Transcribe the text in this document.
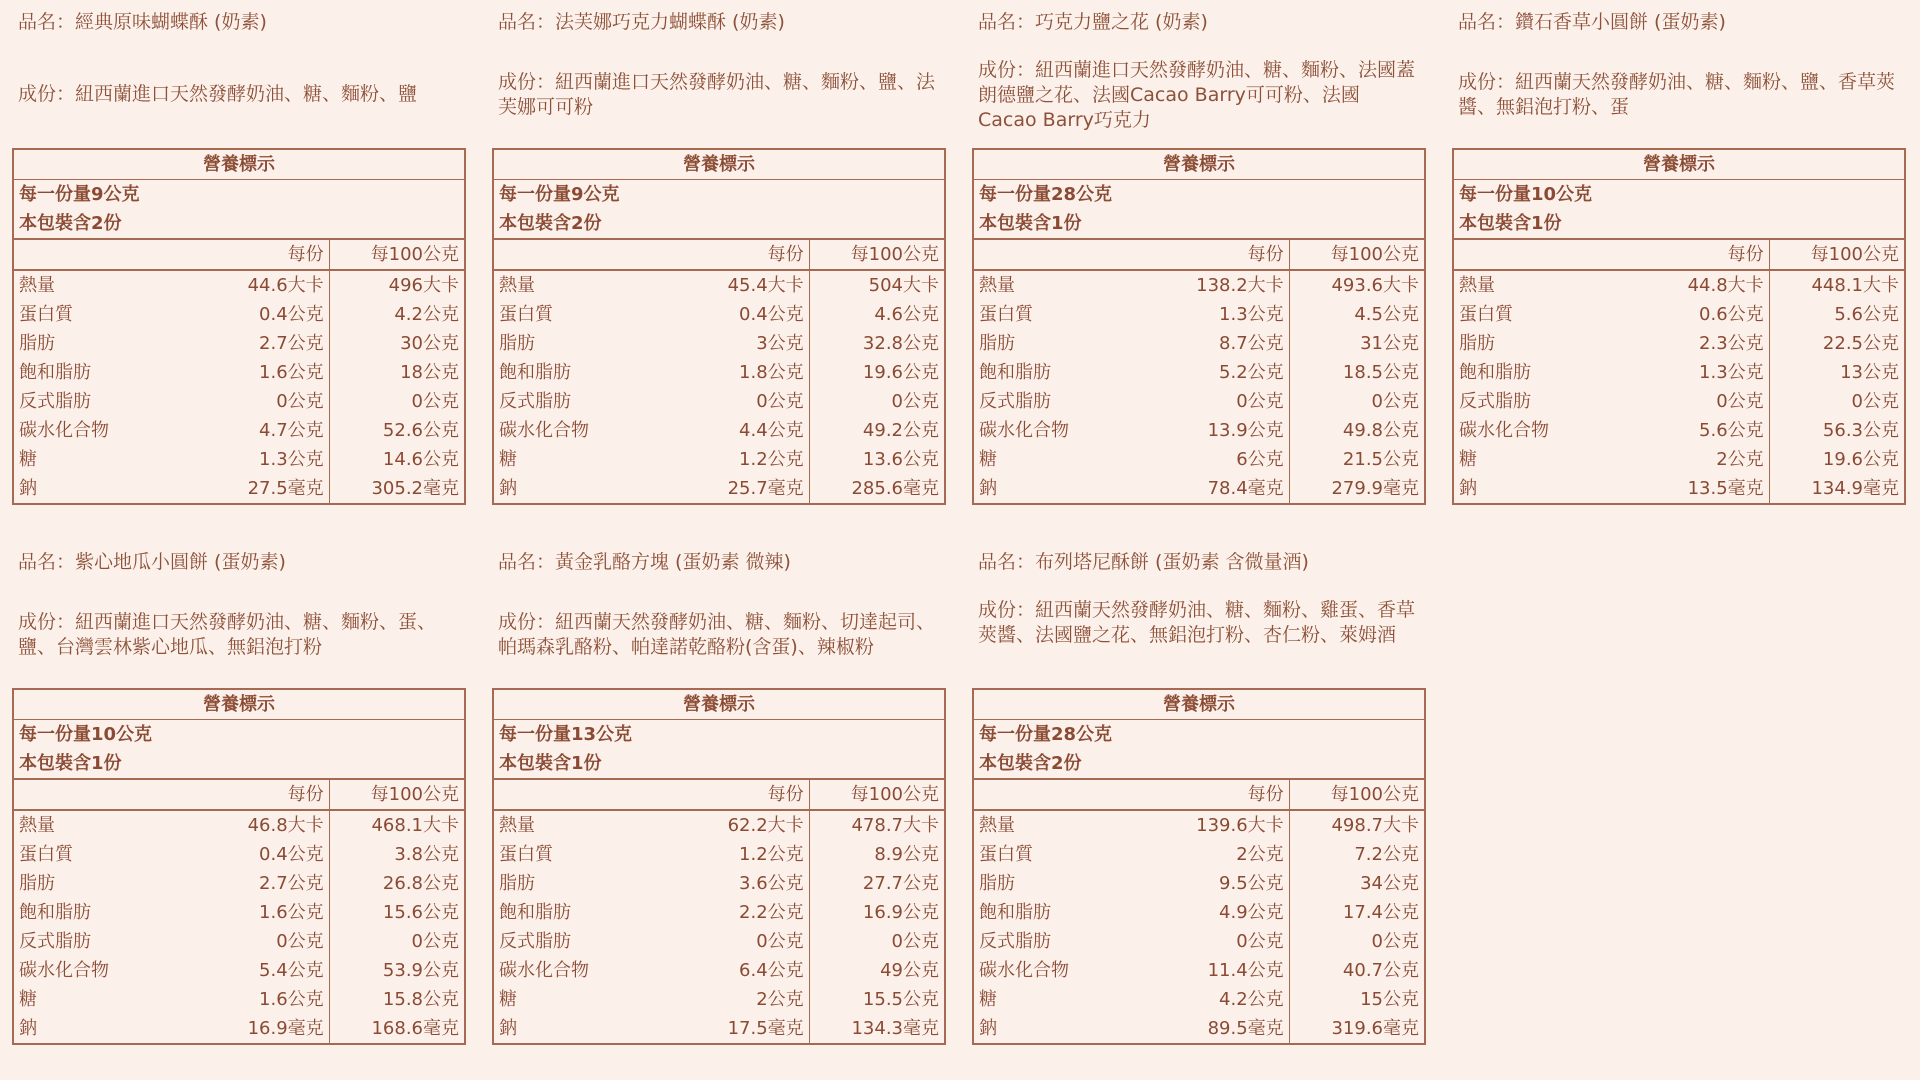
品名：經典原味蝴蝶酥 (奶素)
成份：紐西蘭進口天然發酵奶油、糖、麵粉、鹽
營養標示		
每一份量9公克		
本包裝含2份		
	每份	每100公克
熱量	44.6大卡	496大卡
蛋白質	0.4公克	4.2公克
脂肪	2.7公克	30公克
飽和脂肪	1.6公克	18公克
反式脂肪	0公克	0公克
碳水化合物	4.7公克	52.6公克
糖	1.3公克	14.6公克
鈉	27.5毫克	305.2毫克
品名：法芙娜巧克力蝴蝶酥 (奶素)
成份：紐西蘭進口天然發酵奶油、糖、麵粉、鹽、法芙娜可可粉
營養標示		
每一份量9公克		
本包裝含2份		
	每份	每100公克
熱量	45.4大卡	504大卡
蛋白質	0.4公克	4.6公克
脂肪	3公克	32.8公克
飽和脂肪	1.8公克	19.6公克
反式脂肪	0公克	0公克
碳水化合物	4.4公克	49.2公克
糖	1.2公克	13.6公克
鈉	25.7毫克	285.6毫克
品名：巧克力鹽之花 (奶素)
成份：紐西蘭進口天然發酵奶油、糖、麵粉、法國蓋朗德鹽之花、法國Cacao Barry可可粉、法國Cacao Barry巧克力
營養標示		
每一份量28公克		
本包裝含1份		
	每份	每100公克
熱量	138.2大卡	493.6大卡
蛋白質	1.3公克	4.5公克
脂肪	8.7公克	31公克
飽和脂肪	5.2公克	18.5公克
反式脂肪	0公克	0公克
碳水化合物	13.9公克	49.8公克
糖	6公克	21.5公克
鈉	78.4毫克	279.9毫克
品名：鑽石香草小圓餅 (蛋奶素)
成份：紐西蘭天然發酵奶油、糖、麵粉、鹽、香草莢醬、無鋁泡打粉、蛋
營養標示		
每一份量10公克		
本包裝含1份		
	每份	每100公克
熱量	44.8大卡	448.1大卡
蛋白質	0.6公克	5.6公克
脂肪	2.3公克	22.5公克
飽和脂肪	1.3公克	13公克
反式脂肪	0公克	0公克
碳水化合物	5.6公克	56.3公克
糖	2公克	19.6公克
鈉	13.5毫克	134.9毫克
品名：紫心地瓜小圓餅 (蛋奶素)
成份：紐西蘭進口天然發酵奶油、糖、麵粉、蛋、鹽、台灣雲林紫心地瓜、無鋁泡打粉
營養標示		
每一份量10公克		
本包裝含1份		
	每份	每100公克
熱量	46.8大卡	468.1大卡
蛋白質	0.4公克	3.8公克
脂肪	2.7公克	26.8公克
飽和脂肪	1.6公克	15.6公克
反式脂肪	0公克	0公克
碳水化合物	5.4公克	53.9公克
糖	1.6公克	15.8公克
鈉	16.9毫克	168.6毫克
品名：黃金乳酪方塊 (蛋奶素 微辣)
成份：紐西蘭天然發酵奶油、糖、麵粉、切達起司、帕瑪森乳酪粉、帕達諾乾酪粉(含蛋)、辣椒粉
營養標示		
每一份量13公克		
本包裝含1份		
	每份	每100公克
熱量	62.2大卡	478.7大卡
蛋白質	1.2公克	8.9公克
脂肪	3.6公克	27.7公克
飽和脂肪	2.2公克	16.9公克
反式脂肪	0公克	0公克
碳水化合物	6.4公克	49公克
糖	2公克	15.5公克
鈉	17.5毫克	134.3毫克
品名：布列塔尼酥餅 (蛋奶素 含微量酒)
成份：紐西蘭天然發酵奶油、糖、麵粉、雞蛋、香草莢醬、法國鹽之花、無鋁泡打粉、杏仁粉、萊姆酒
營養標示		
每一份量28公克		
本包裝含2份		
	每份	每100公克
熱量	139.6大卡	498.7大卡
蛋白質	2公克	7.2公克
脂肪	9.5公克	34公克
飽和脂肪	4.9公克	17.4公克
反式脂肪	0公克	0公克
碳水化合物	11.4公克	40.7公克
糖	4.2公克	15公克
鈉	89.5毫克	319.6毫克
